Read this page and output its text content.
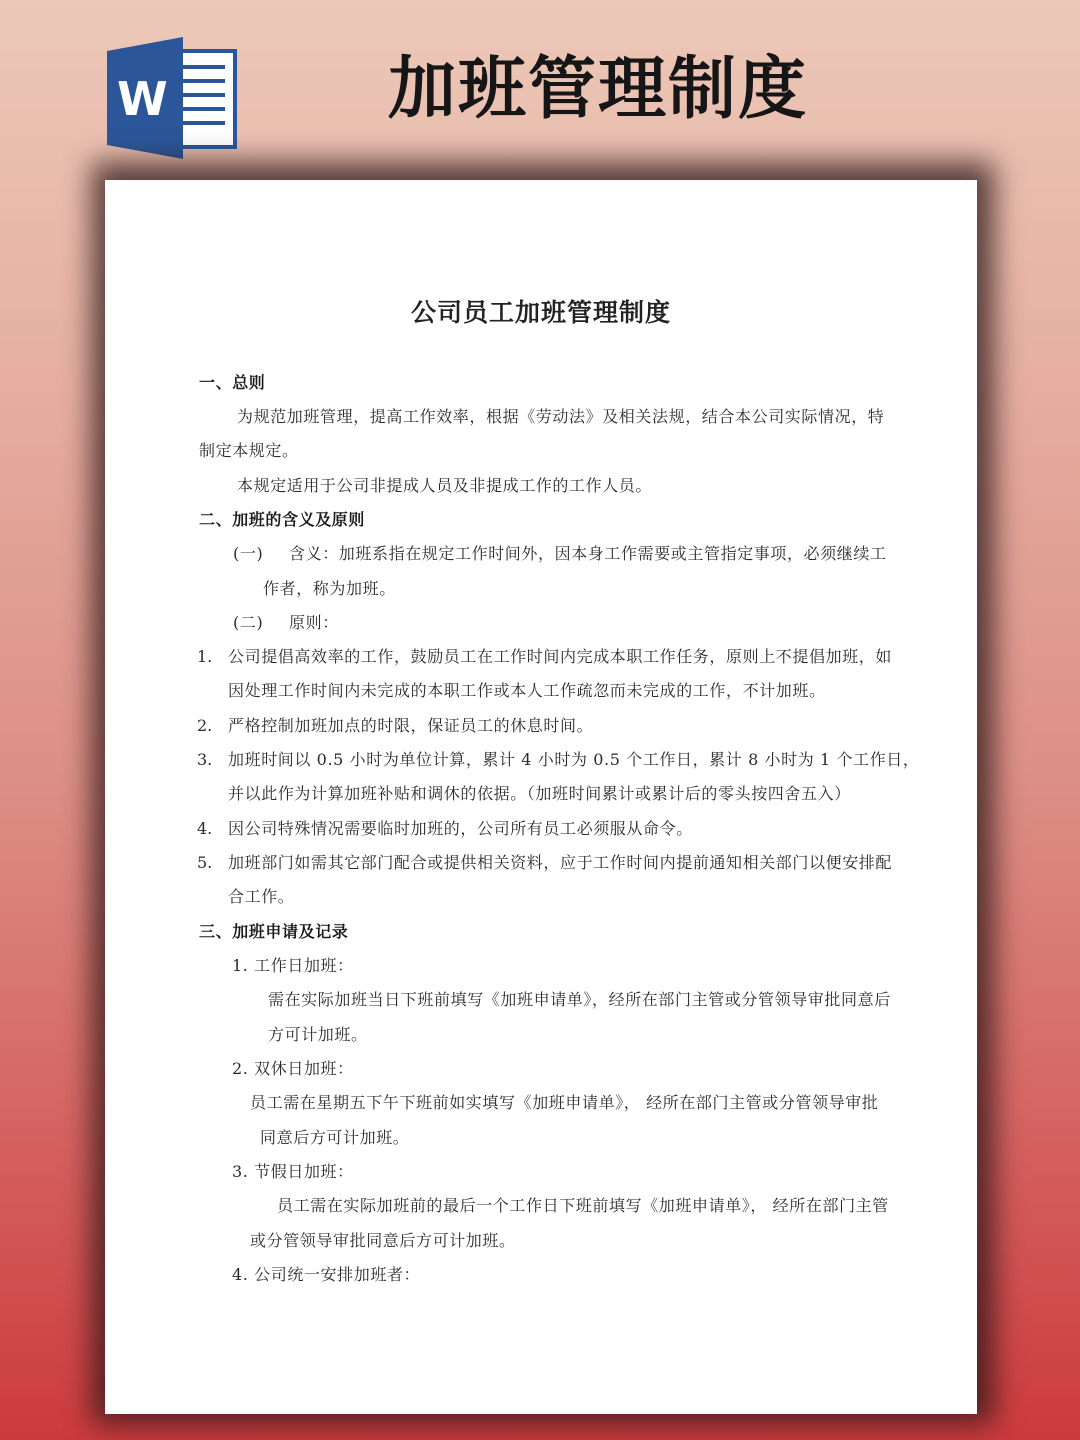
W	加班管理制度
公司员工加班管理制度
一、总则
为规范加班管理，提高工作效率，根据《劳动法》及相关法规，结合本公司实际情况，特
制定本规定。
本规定适用于公司非提成人员及非提成工作的工作人员。
二、加班的含义及原则
(一) 含义：加班系指在规定工作时间外，因本身工作需要或主管指定事项，必须继续工
作者，称为加班。
(二) 原则：
1. 公司提倡高效率的工作，鼓励员工在工作时间内完成本职工作任务，原则上不提倡加班，如
因处理工作时间内未完成的本职工作或本人工作疏忽而未完成的工作，不计加班。
2. 严格控制加班加点的时限，保证员工的休息时间。
3. 加班时间以 0.5 小时为单位计算，累计 4 小时为 0.5 个工作日，累计 8 小时为 1 个工作日，
并以此作为计算加班补贴和调休的依据。（加班时间累计或累计后的零头按四舍五入）
4. 因公司特殊情况需要临时加班的，公司所有员工必须服从命令。
5. 加班部门如需其它部门配合或提供相关资料，应于工作时间内提前通知相关部门以便安排配
合工作。
三、加班申请及记录
1. 工作日加班：
需在实际加班当日下班前填写《加班申请单》，经所在部门主管或分管领导审批同意后
方可计加班。
2. 双休日加班：
员工需在星期五下午下班前如实填写《加班申请单》， 经所在部门主管或分管领导审批
同意后方可计加班。
3. 节假日加班：
员工需在实际加班前的最后一个工作日下班前填写《加班申请单》， 经所在部门主管
或分管领导审批同意后方可计加班。
4. 公司统一安排加班者：
